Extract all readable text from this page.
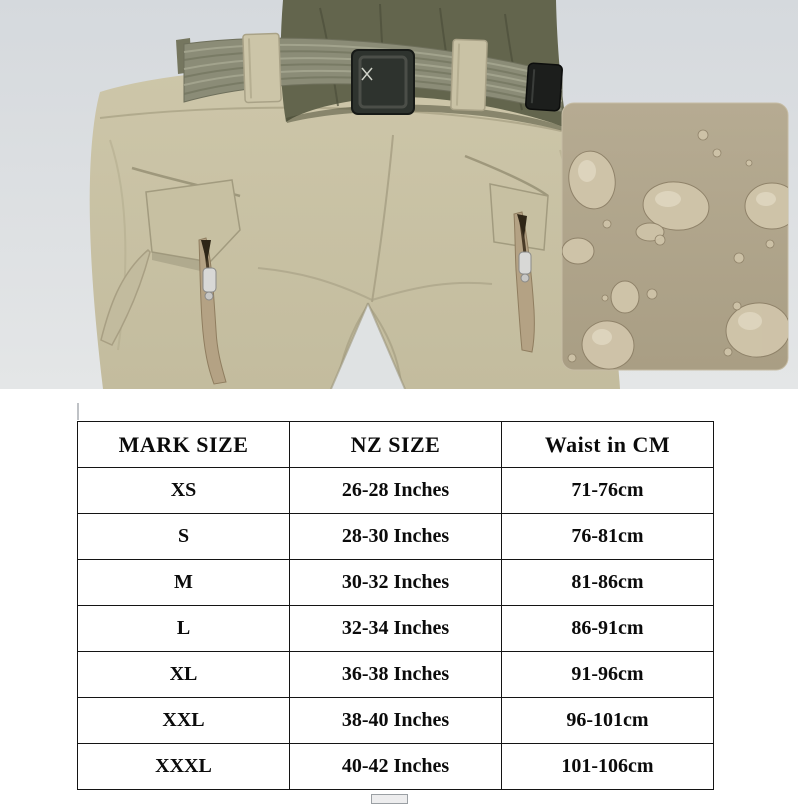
MARK SIZE	NZ SIZE	Waist in CM
XS	26-28 Inches	71-76cm
S	28-30 Inches	76-81cm
M	30-32 Inches	81-86cm
L	32-34 Inches	86-91cm
XL	36-38 Inches	91-96cm
XXL	38-40 Inches	96-101cm
XXXL	40-42 Inches	101-106cm
